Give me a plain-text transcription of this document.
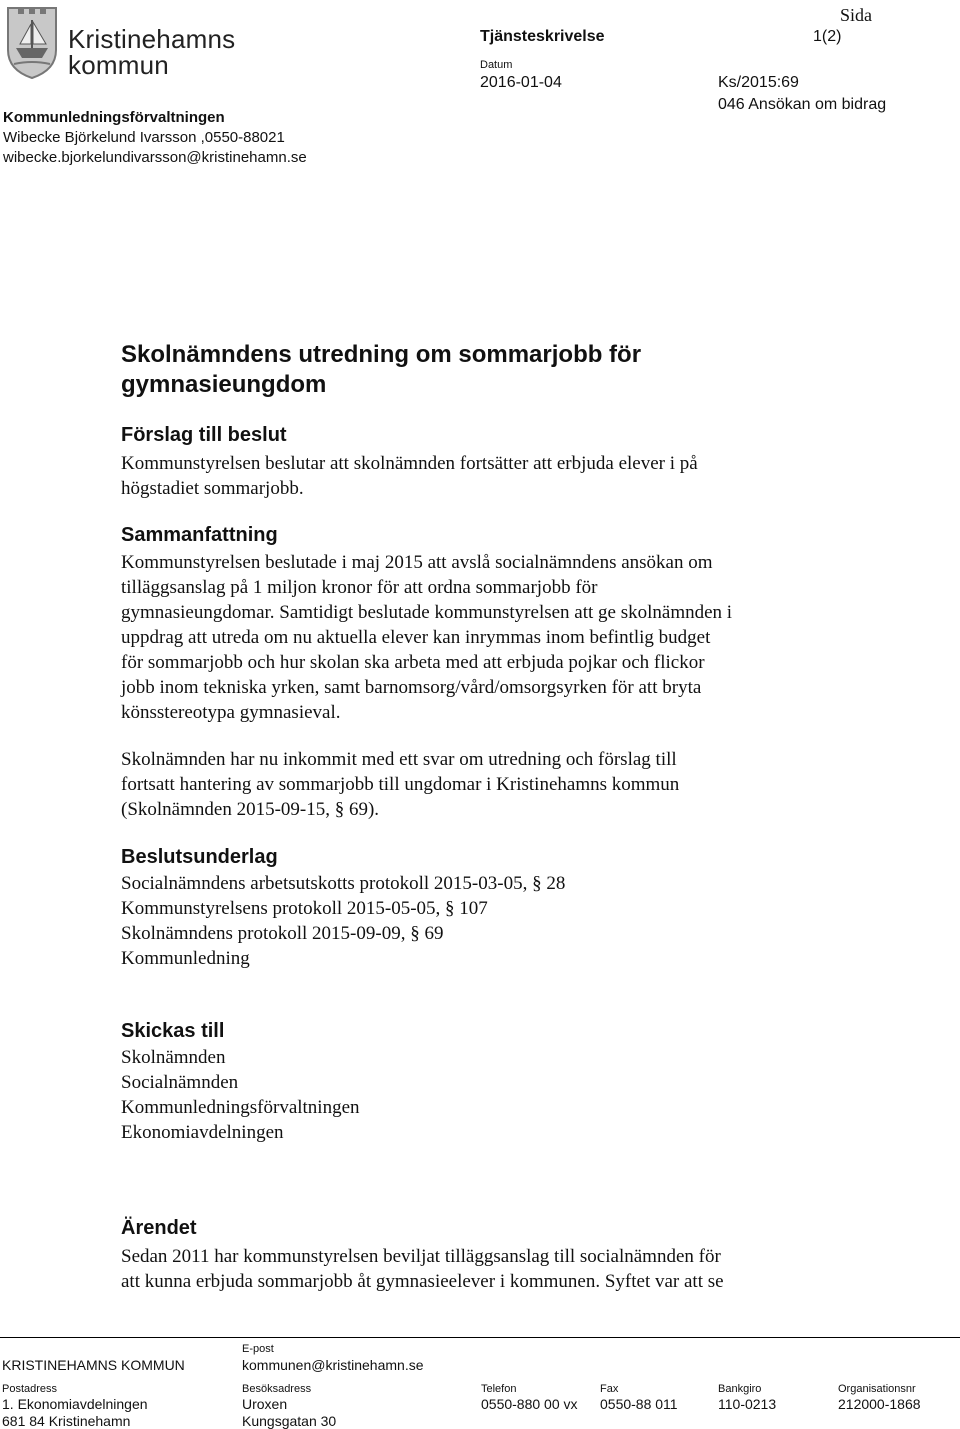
Kristinehamns
kommun
Kommunledningsförvaltningen
Wibecke Björkelund Ivarsson ,0550-88021
wibecke.bjorkelundivarsson@kristinehamn.se
Tjänsteskrivelse
Datum
2016-01-04	Ks/2015:69
046 Ansökan om bidrag
Sida
1(2)
Skolnämndens utredning om sommarjobb för
gymnasieungdom
Förslag till beslut
Kommunstyrelsen beslutar att skolnämnden fortsätter att erbjuda elever i på
högstadiet sommarjobb.
Sammanfattning
Kommunstyrelsen beslutade i maj 2015 att avslå socialnämndens ansökan om
tilläggsanslag på 1 miljon kronor för att ordna sommarjobb för
gymnasieungdomar. Samtidigt beslutade kommunstyrelsen att ge skolnämnden i
uppdrag att utreda om nu aktuella elever kan inrymmas inom befintlig budget
för sommarjobb och hur skolan ska arbeta med att erbjuda pojkar och flickor
jobb inom tekniska yrken, samt barnomsorg/vård/omsorgsyrken för att bryta
könsstereotypa gymnasieval.
Skolnämnden har nu inkommit med ett svar om utredning och förslag till
fortsatt hantering av sommarjobb till ungdomar i Kristinehamns kommun
(Skolnämnden 2015-09-15, § 69).
Beslutsunderlag
Socialnämndens arbetsutskotts protokoll 2015-03-05, § 28
Kommunstyrelsens protokoll 2015-05-05, § 107
Skolnämndens protokoll 2015-09-09, § 69
Kommunledning
Skickas till
Skolnämnden
Socialnämnden
Kommunledningsförvaltningen
Ekonomiavdelningen
Ärendet
Sedan 2011 har kommunstyrelsen beviljat tilläggsanslag till socialnämnden för
att kunna erbjuda sommarjobb åt gymnasieelever i kommunen. Syftet var att se
E-post
KRISTINEHAMNS KOMMUN	kommunen@kristinehamn.se
Postadress
1. Ekonomiavdelningen
681 84 Kristinehamn
Besöksadress
Uroxen
Kungsgatan 30
Telefon
0550-880 00 vx
Fax
0550-88 011
Bankgiro
110-0213
Organisationsnr
212000-1868
